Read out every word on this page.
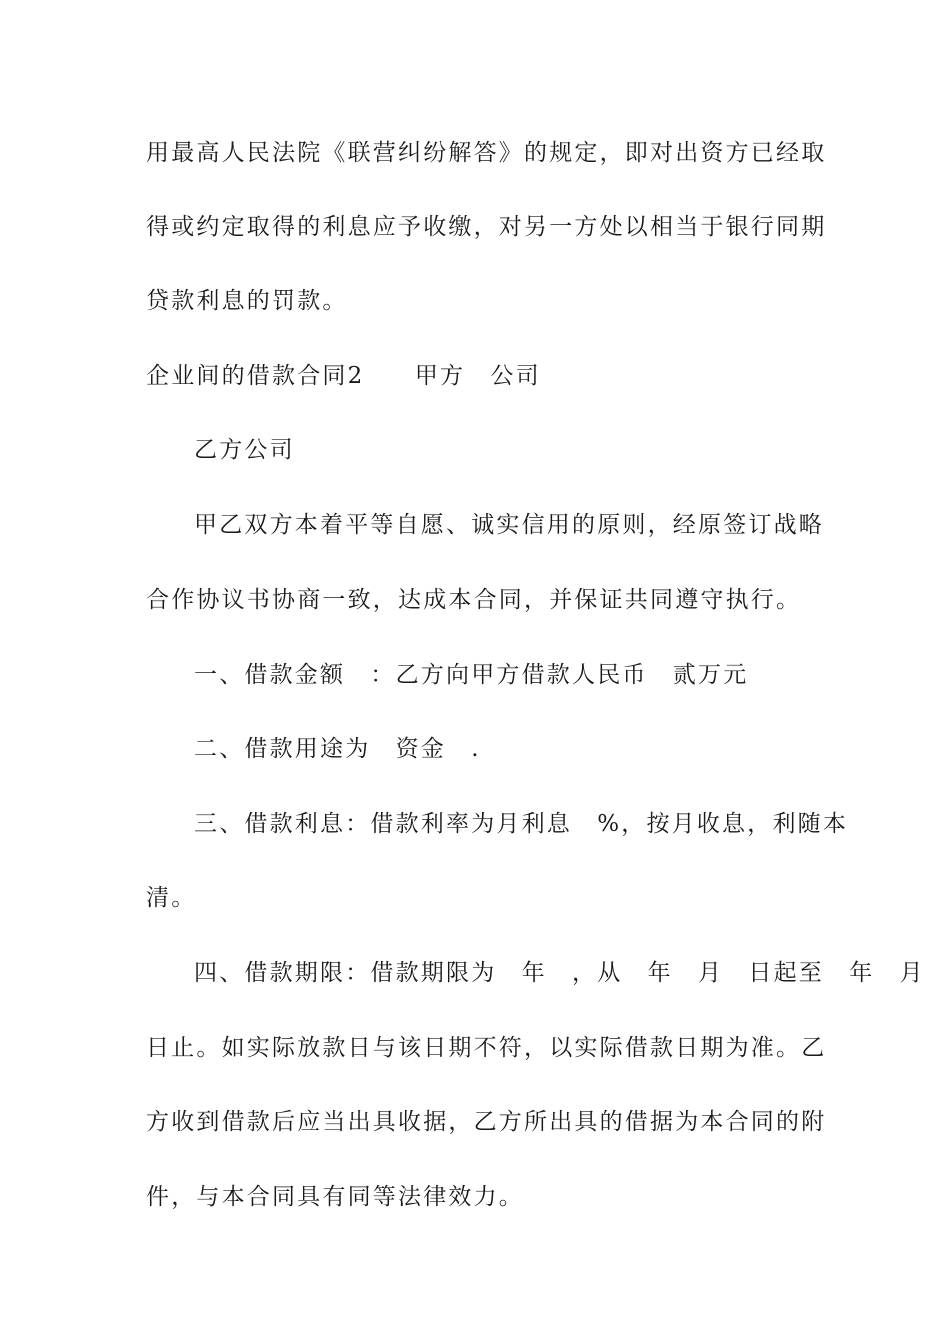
用最高人民法院《联营纠纷解答》的规定，即对出资方已经取

得或约定取得的利息应予收缴，对另一方处以相当于银行同期

贷款利息的罚款。

企业间的借款合同2　　甲方　公司

乙方公司

甲乙双方本着平等自愿、诚实信用的原则，经原签订战略

合作协议书协商一致，达成本合同，并保证共同遵守执行。

一、借款金额　：乙方向甲方借款人民币　贰万元

二、借款用途为　资金　.

三、借款利息：借款利率为月利息　%，按月收息，利随本

清。

四、借款期限：借款期限为　年　，从　年　月　日起至　年　月

日止。如实际放款日与该日期不符，以实际借款日期为准。乙

方收到借款后应当出具收据，乙方所出具的借据为本合同的附

件，与本合同具有同等法律效力。
